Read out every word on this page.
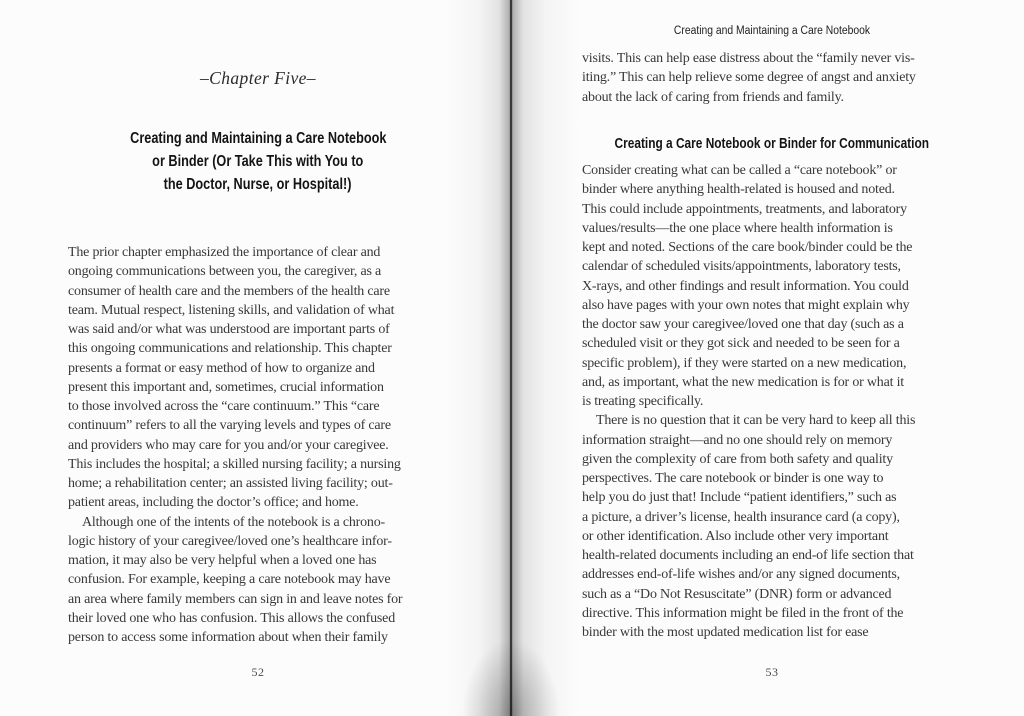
–Chapter Five–
Creating and Maintaining a Care Notebook
or Binder (Or Take This with You to
the Doctor, Nurse, or Hospital!)
The prior chapter emphasized the importance of clear and
ongoing communications between you, the caregiver, as a
consumer of health care and the members of the health care
team. Mutual respect, listening skills, and validation of what
was said and/or what was understood are important parts of
this ongoing communications and relationship. This chapter
presents a format or easy method of how to organize and
present this important and, sometimes, crucial information
to those involved across the “care continuum.” This “care
continuum” refers to all the varying levels and types of care
and providers who may care for you and/or your caregivee.
This includes the hospital; a skilled nursing facility; a nursing
home; a rehabilitation center; an assisted living facility; out-
patient areas, including the doctor’s office; and home.
Although one of the intents of the notebook is a chrono-
logic history of your caregivee/loved one’s healthcare infor-
mation, it may also be very helpful when a loved one has
confusion. For example, keeping a care notebook may have
an area where family members can sign in and leave notes for
their loved one who has confusion. This allows the confused
person to access some information about when their family
52
Creating and Maintaining a Care Notebook
visits. This can help ease distress about the “family never vis-
iting.” This can help relieve some degree of angst and anxiety
about the lack of caring from friends and family.
Creating a Care Notebook or Binder for Communication
Consider creating what can be called a “care notebook” or
binder where anything health-related is housed and noted.
This could include appointments, treatments, and laboratory
values/results—the one place where health information is
kept and noted. Sections of the care book/binder could be the
calendar of scheduled visits/appointments, laboratory tests,
X-rays, and other findings and result information. You could
also have pages with your own notes that might explain why
the doctor saw your caregivee/loved one that day (such as a
scheduled visit or they got sick and needed to be seen for a
specific problem), if they were started on a new medication,
and, as important, what the new medication is for or what it
is treating specifically.
There is no question that it can be very hard to keep all this
information straight—and no one should rely on memory
given the complexity of care from both safety and quality
perspectives. The care notebook or binder is one way to
help you do just that! Include “patient identifiers,” such as
a picture, a driver’s license, health insurance card (a copy),
or other identification. Also include other very important
health-related documents including an end-of life section that
addresses end-of-life wishes and/or any signed documents,
such as a “Do Not Resuscitate” (DNR) form or advanced
directive. This information might be filed in the front of the
binder with the most updated medication list for ease
53
